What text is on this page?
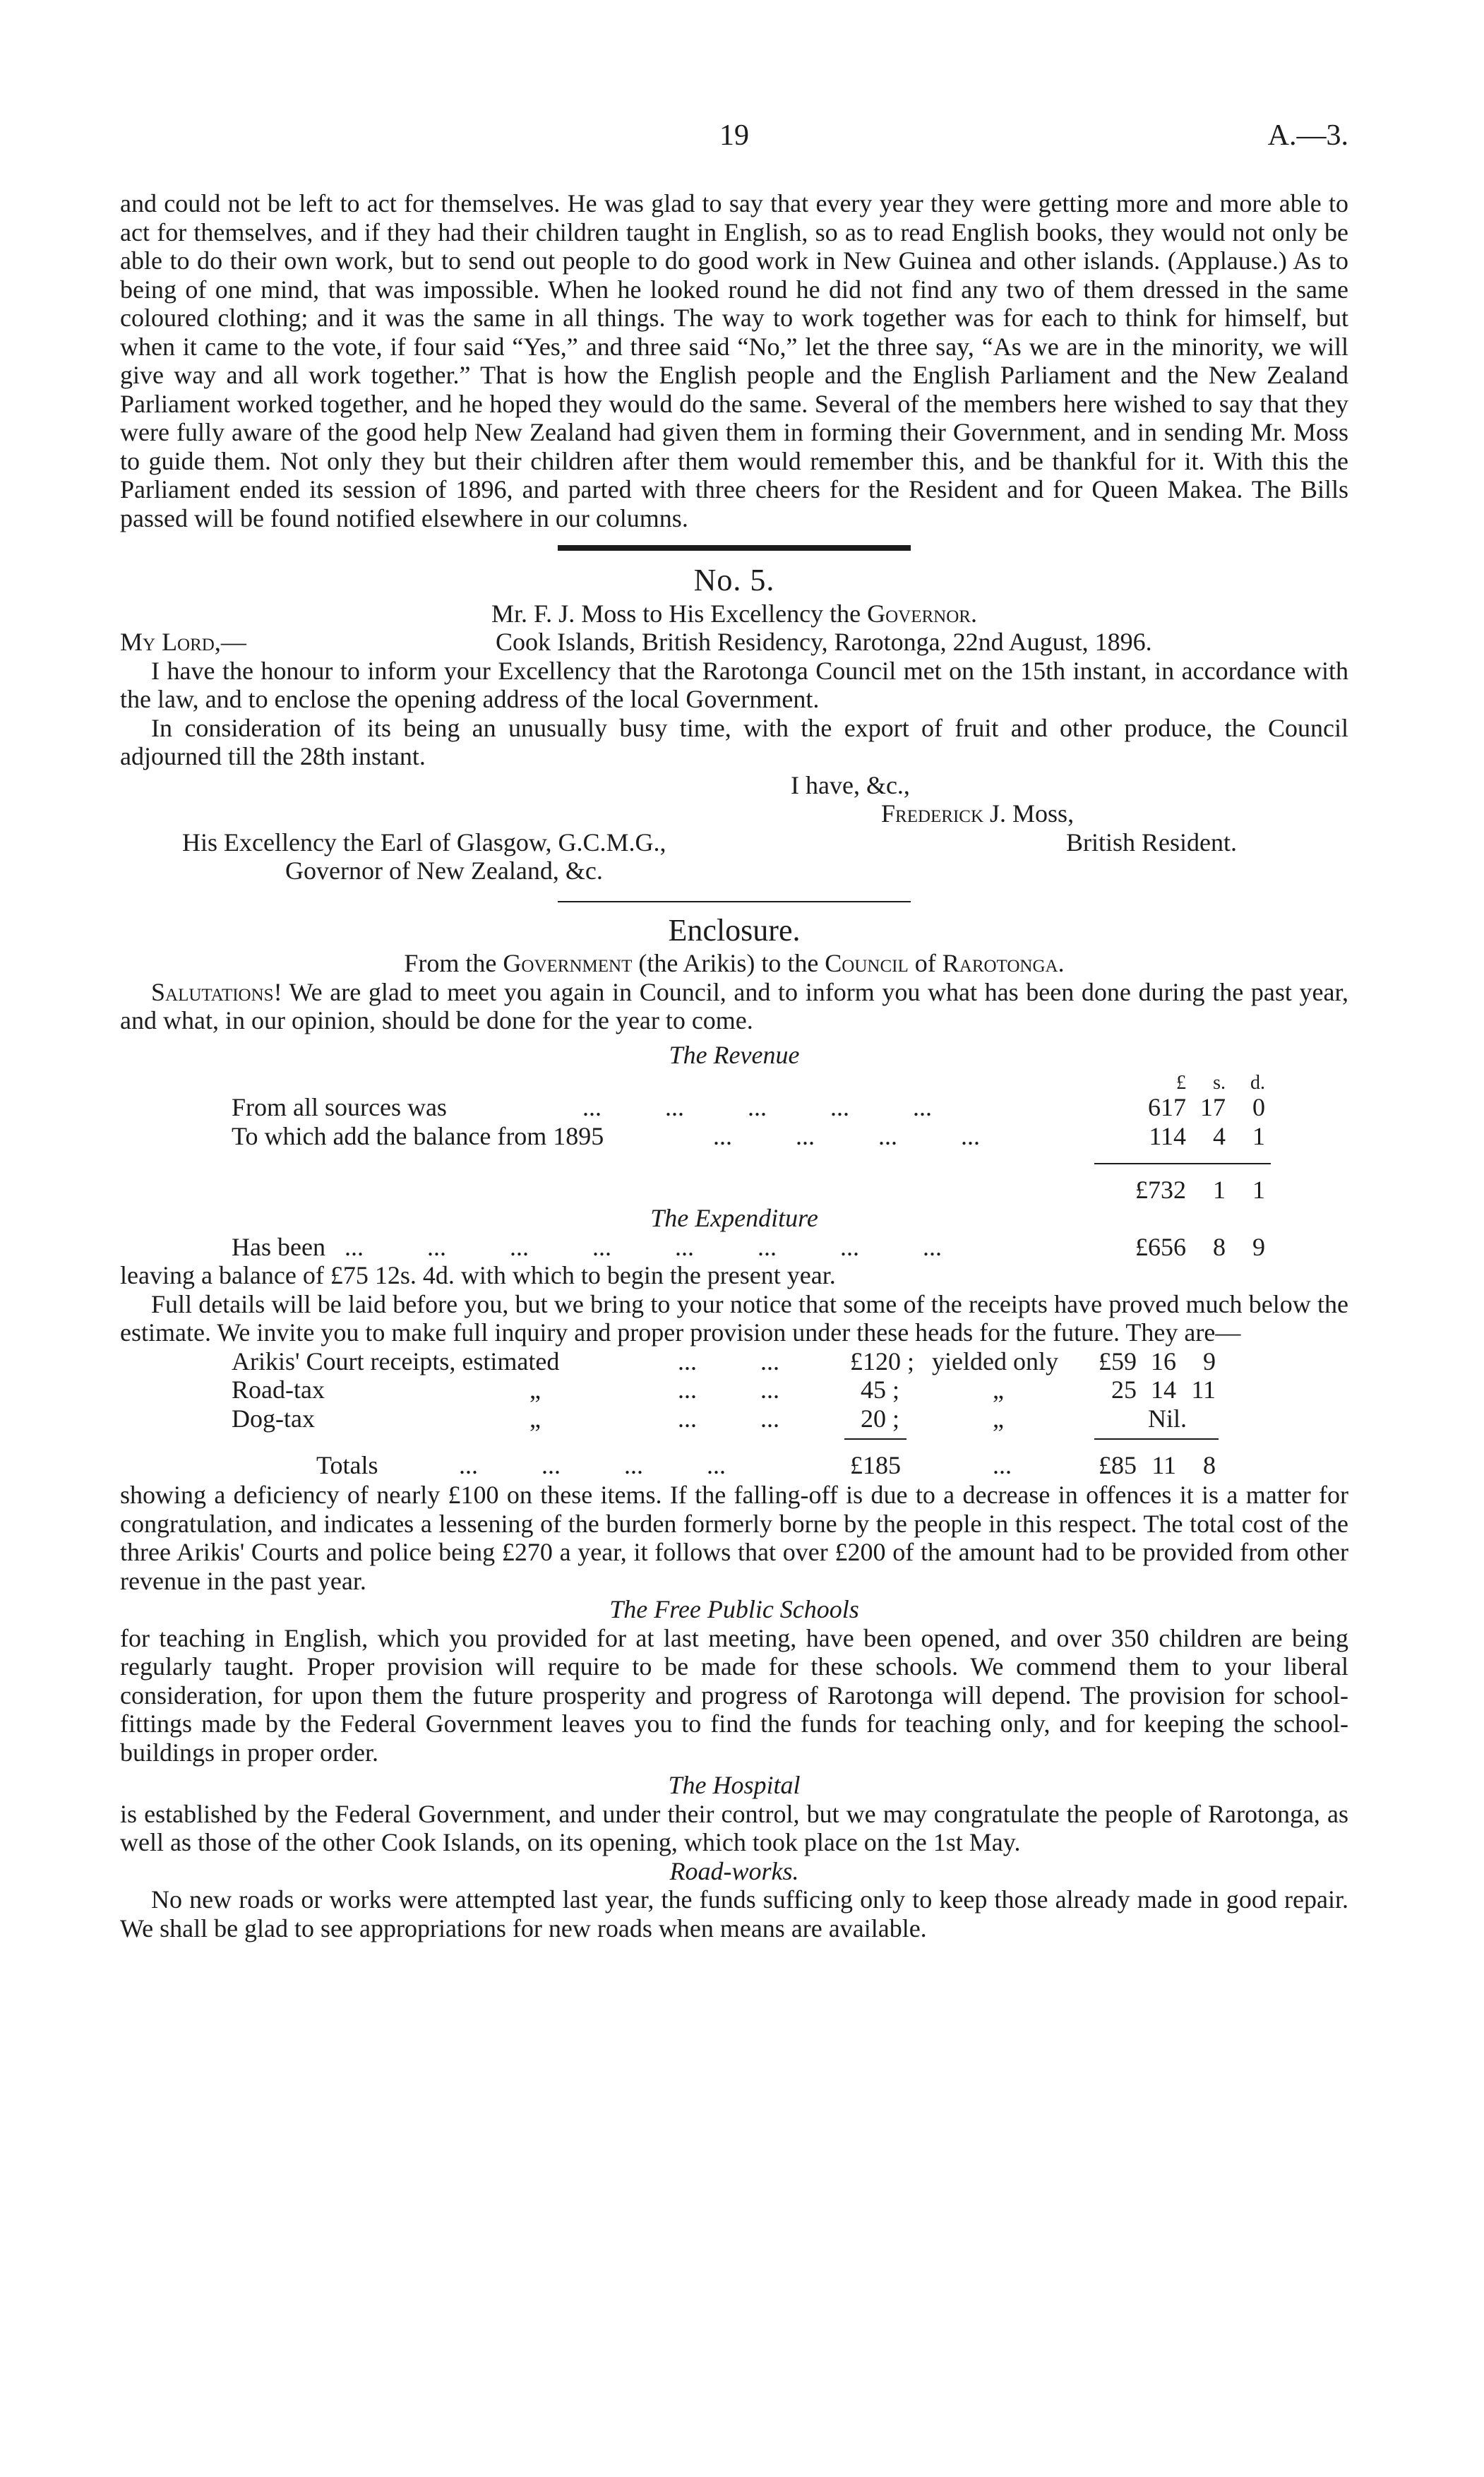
19	A.—3.

and could not be left to act for themselves. He was glad to say that every year they were getting more and more able to act for themselves, and if they had their children taught in English, so as to read English books, they would not only be able to do their own work, but to send out people to do good work in New Guinea and other islands. (Applause.) As to being of one mind, that was impossible. When he looked round he did not find any two of them dressed in the same coloured clothing; and it was the same in all things. The way to work together was for each to think for himself, but when it came to the vote, if four said “Yes,” and three said “No,” let the three say, “As we are in the minority, we will give way and all work together.” That is how the English people and the English Parliament and the New Zealand Parliament worked together, and he hoped they would do the same. Several of the members here wished to say that they were fully aware of the good help New Zealand had given them in forming their Government, and in sending Mr. Moss to guide them. Not only they but their children after them would remember this, and be thankful for it. With this the Parliament ended its session of 1896, and parted with three cheers for the Resident and for Queen Makea. The Bills passed will be found notified elsewhere in our columns.

No. 5.

Mr. F. J. Moss to His Excellency the Governor.

My Lord,—	Cook Islands, British Residency, Rarotonga, 22nd August, 1896.

I have the honour to inform your Excellency that the Rarotonga Council met on the 15th instant, in accordance with the law, and to enclose the opening address of the local Government.

In consideration of its being an unusually busy time, with the export of fruit and other produce, the Council adjourned till the 28th instant.

I have, &c.,
Frederick J. Moss,
His Excellency the Earl of Glasgow, G.C.M.G.,	British Resident.
Governor of New Zealand, &c.
Enclosure.

From the Government (the Arikis) to the Council of Rarotonga.

Salutations! We are glad to meet you again in Council, and to inform you what has been done during the past year, and what, in our opinion, should be done for the year to come.

The Revenue

£	s.	d.
From all sources was	...          ...          ...          ...          ...	617 17	0
To which add the balance from 1895	...          ...          ...          ...	114	4	1
£732	1	1

The Expenditure

Has been ...          ...          ...          ...          ...          ...          ...          ...	£656	8	9

leaving a balance of £75 12s. 4d. with which to begin the present year.

Full details will be laid before you, but we bring to your notice that some of the receipts have proved much below the estimate. We invite you to make full inquiry and proper provision under these heads for the future. They are—

Arikis' Court receipts, estimated	...          ...	£120 ; yielded only	£59 16	9
Road-tax	„	...          ...	45 ;	„	25 14 11
Dog-tax	„	...          ...	20 ;	„	Nil.
Totals	...          ...          ...          ...	£185	...	£85 11	8

showing a deficiency of nearly £100 on these items. If the falling-off is due to a decrease in offences it is a matter for congratulation, and indicates a lessening of the burden formerly borne by the people in this respect. The total cost of the three Arikis' Courts and police being £270 a year, it follows that over £200 of the amount had to be provided from other revenue in the past year.

The Free Public Schools

for teaching in English, which you provided for at last meeting, have been opened, and over 350 children are being regularly taught. Proper provision will require to be made for these schools. We commend them to your liberal consideration, for upon them the future prosperity and progress of Rarotonga will depend. The provision for school-fittings made by the Federal Government leaves you to find the funds for teaching only, and for keeping the school-buildings in proper order.

The Hospital

is established by the Federal Government, and under their control, but we may congratulate the people of Rarotonga, as well as those of the other Cook Islands, on its opening, which took place on the 1st May.

Road-works.

No new roads or works were attempted last year, the funds sufficing only to keep those already made in good repair. We shall be glad to see appropriations for new roads when means are available.
